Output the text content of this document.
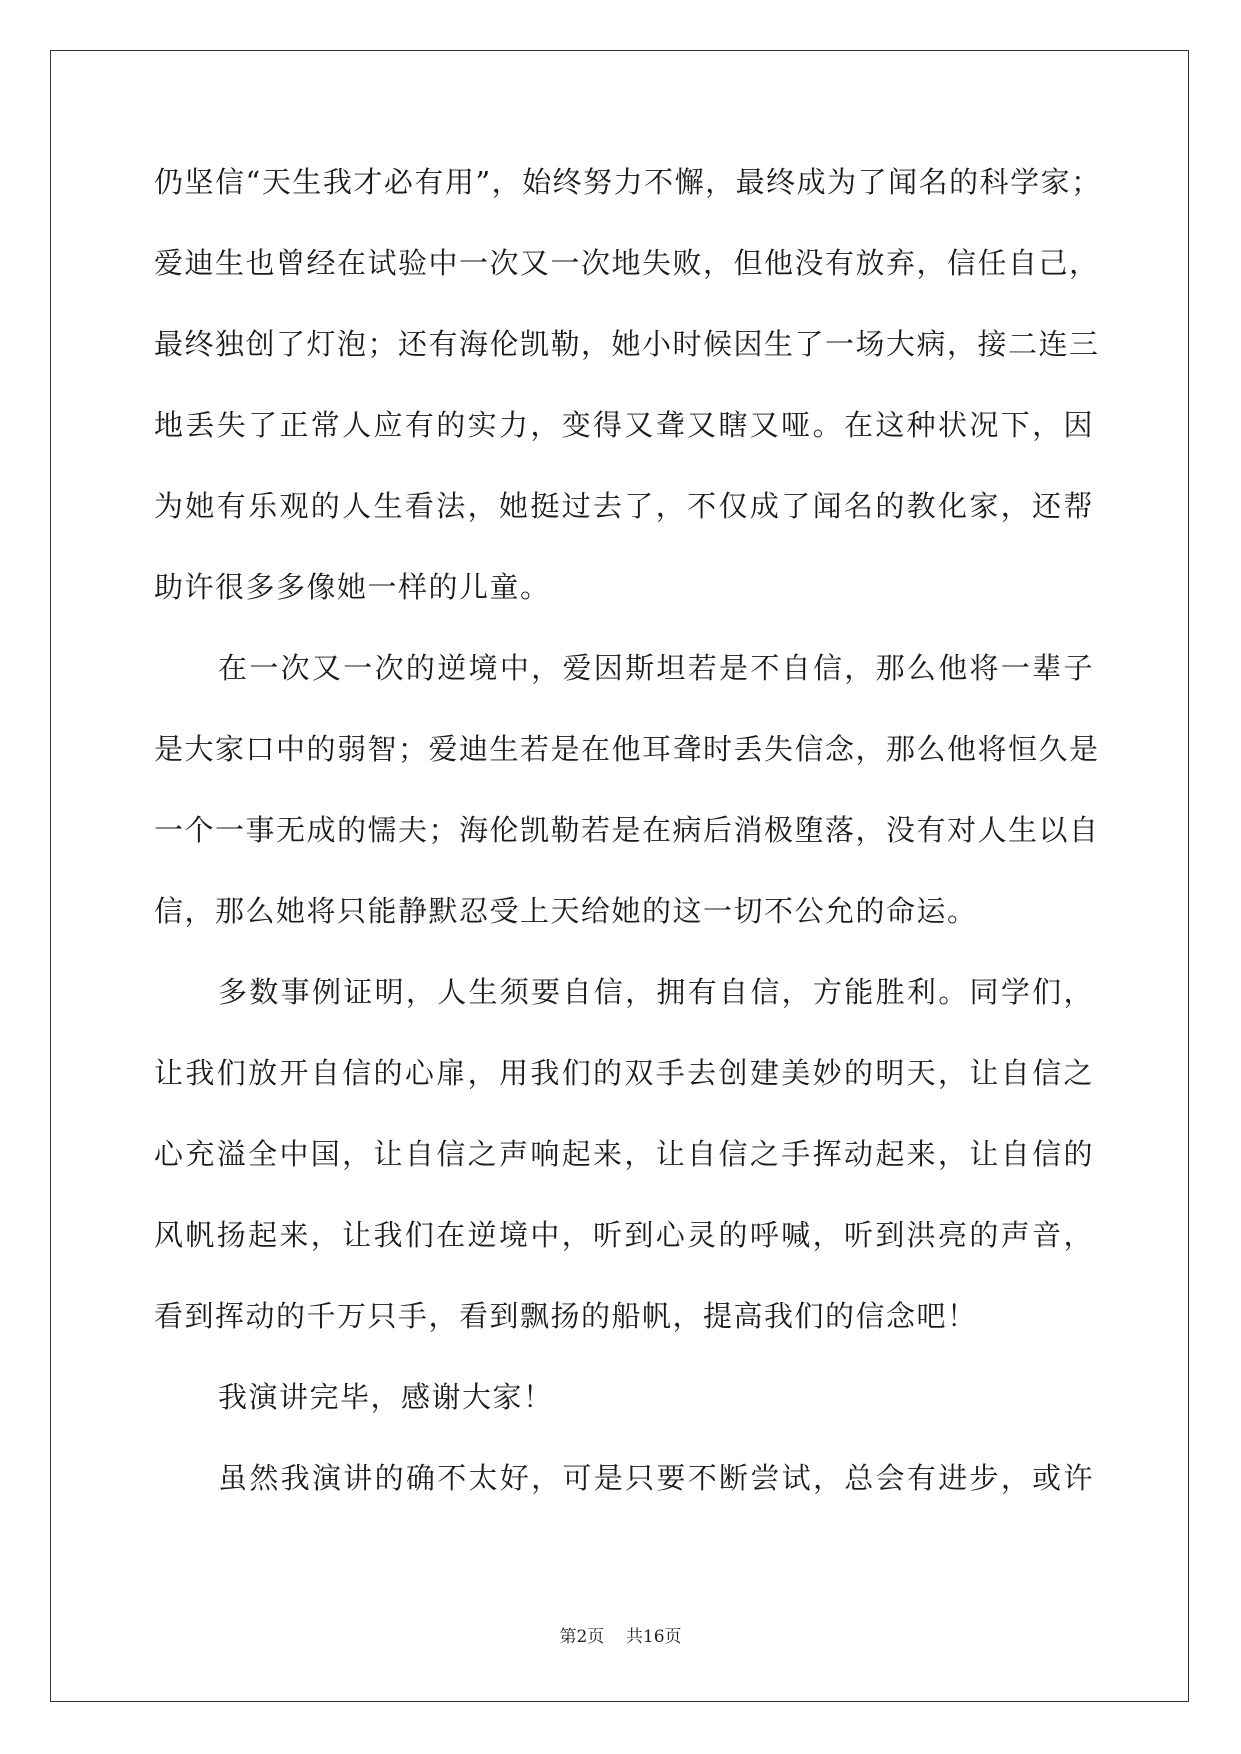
仍坚信“天生我才必有用”，始终努力不懈，最终成为了闻名的科学家；
爱迪生也曾经在试验中一次又一次地失败，但他没有放弃，信任自己，
最终独创了灯泡；还有海伦凯勒，她小时候因生了一场大病，接二连三
地丢失了正常人应有的实力，变得又聋又瞎又哑。在这种状况下，因
为她有乐观的人生看法，她挺过去了，不仅成了闻名的教化家，还帮
助许很多多像她一样的儿童。
在一次又一次的逆境中，爱因斯坦若是不自信，那么他将一辈子
是大家口中的弱智；爱迪生若是在他耳聋时丢失信念，那么他将恒久是
一个一事无成的懦夫；海伦凯勒若是在病后消极堕落，没有对人生以自
信，那么她将只能静默忍受上天给她的这一切不公允的命运。
多数事例证明，人生须要自信，拥有自信，方能胜利。同学们，
让我们放开自信的心扉，用我们的双手去创建美妙的明天，让自信之
心充溢全中国，让自信之声响起来，让自信之手挥动起来，让自信的
风帆扬起来，让我们在逆境中，听到心灵的呼喊，听到洪亮的声音，
看到挥动的千万只手，看到飘扬的船帆，提高我们的信念吧！
我演讲完毕，感谢大家！
虽然我演讲的确不太好，可是只要不断尝试，总会有进步，或许
第2页 共16页
